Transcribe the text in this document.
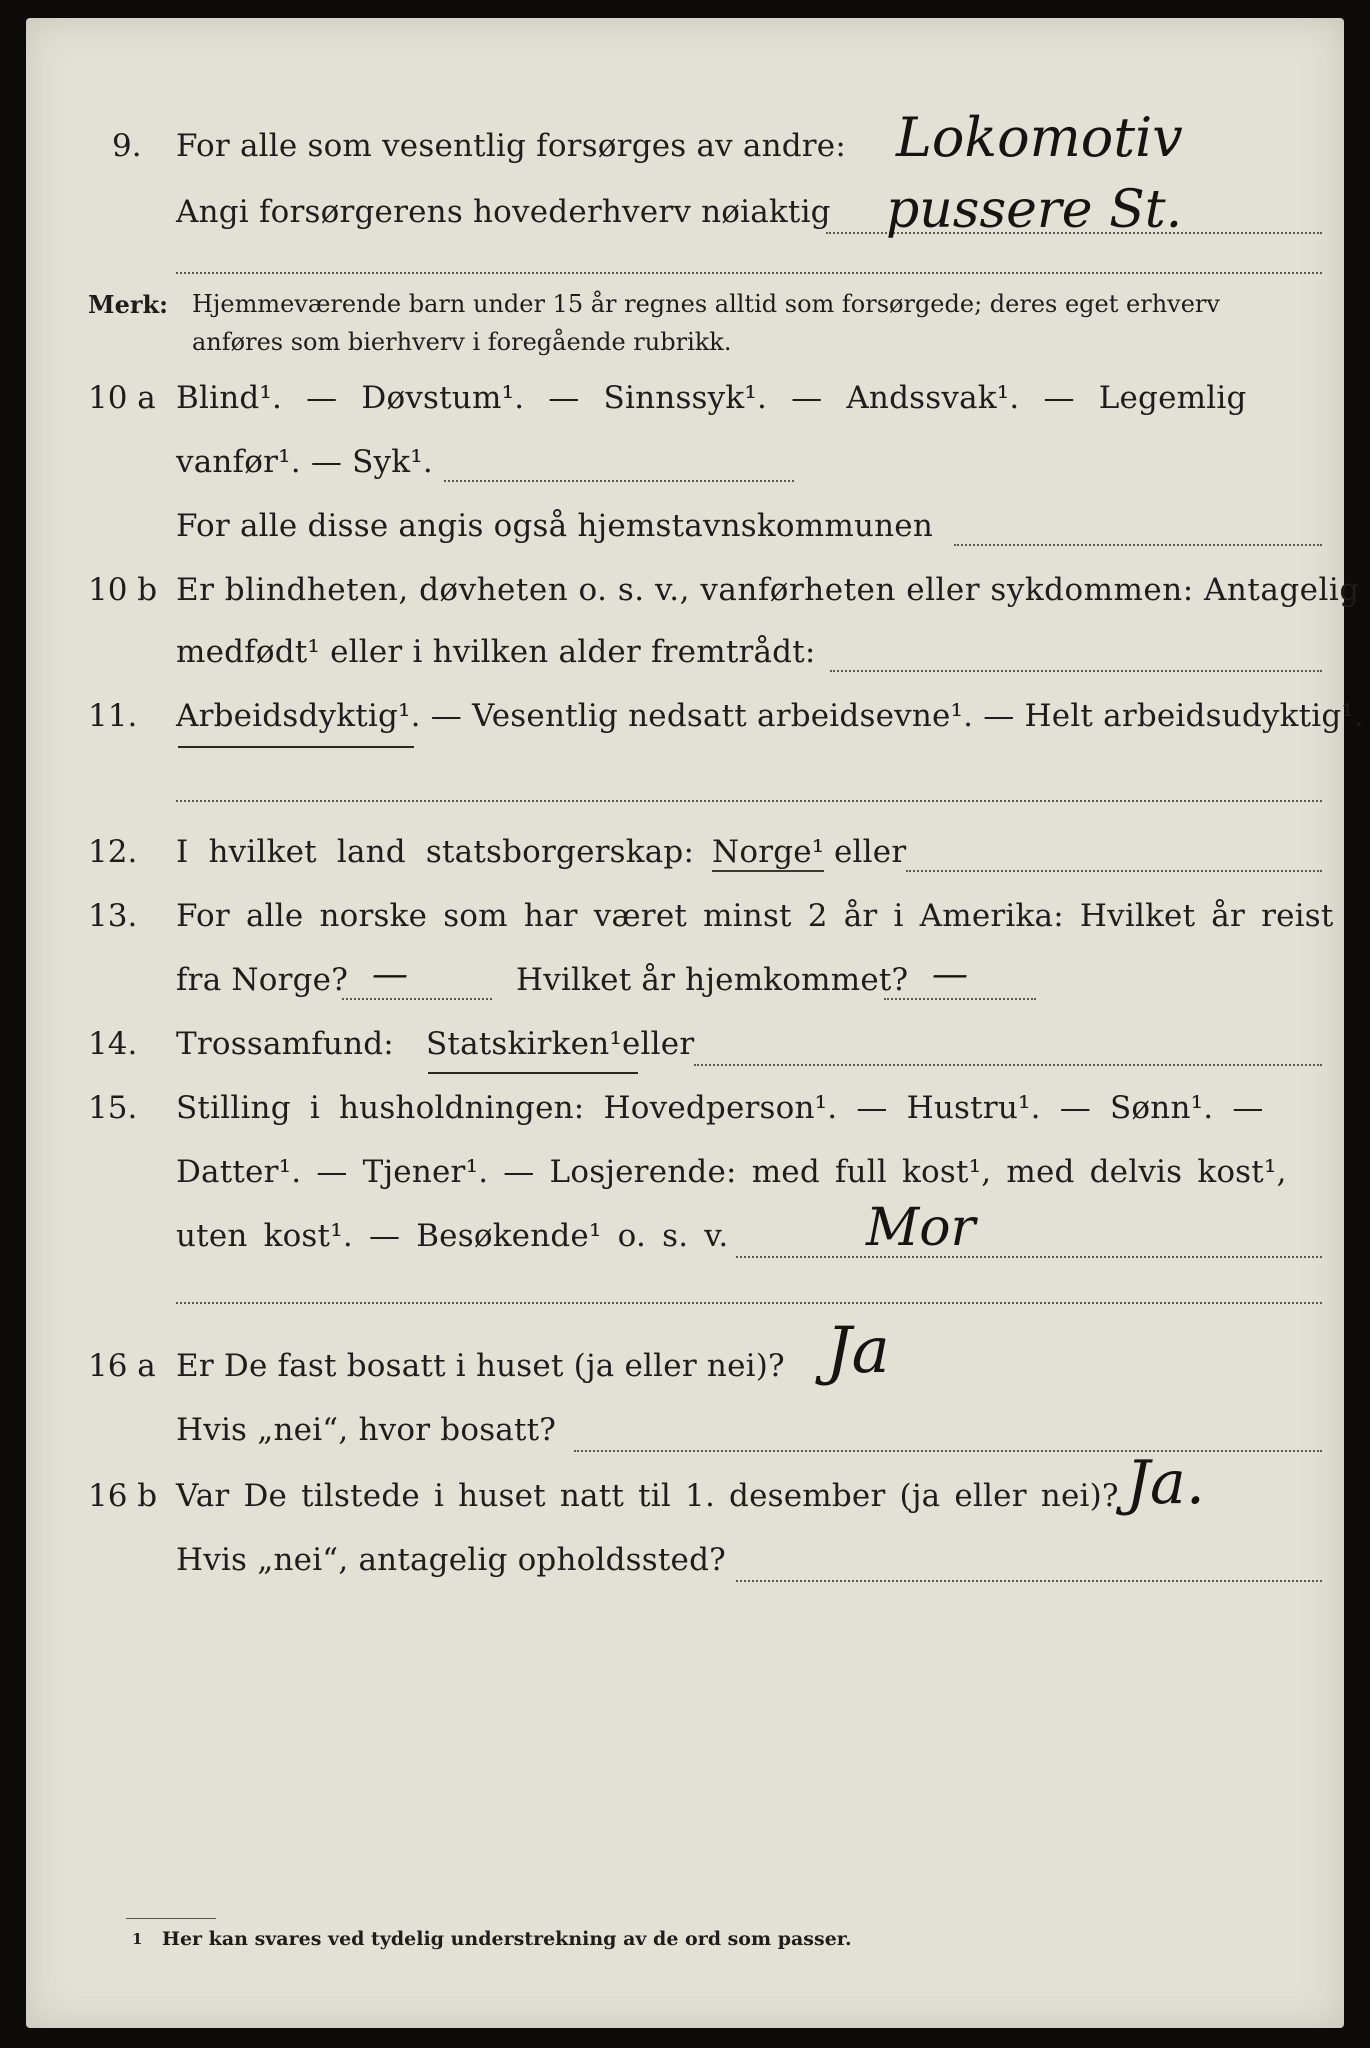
9. For alle som vesentlig forsørges av andre: Lokomotiv
Angi forsørgerens hovederhverv nøiaktig pussere St.
Merk: Hjemmeværende barn under 15 år regnes alltid som forsørgede; deres eget erhverv
anføres som bierhverv i foregående rubrikk.
10 a Blind¹. — Døvstum¹. — Sinnssyk¹. — Andssvak¹. — Legemlig
vanfør¹. — Syk¹.
For alle disse angis også hjemstavnskommunen
10 b Er blindheten, døvheten o. s. v., vanførheten eller sykdommen: Antagelig
medfødt¹ eller i hvilken alder fremtrådt:
11. Arbeidsdyktig¹. — Vesentlig nedsatt arbeidsevne¹. — Helt arbeidsudyktig¹.
12. I hvilket land statsborgerskap: Norge¹ eller
13. For alle norske som har været minst 2 år i Amerika: Hvilket år reist
fra Norge? —	Hvilket år hjemkommet? —
14. Trossamfund: Statskirken¹ eller
15. Stilling i husholdningen: Hovedperson¹. — Hustru¹. — Sønn¹. —
Datter¹. — Tjener¹. — Losjerende: med full kost¹, med delvis kost¹,
uten kost¹. — Besøkende¹ o. s. v.	Mor
16 a Er De fast bosatt i huset (ja eller nei)? Ja
Hvis „nei“, hvor bosatt?
16 b Var De tilstede i huset natt til 1. desember (ja eller nei)? Ja.
Hvis „nei“, antagelig opholdssted?
1 Her kan svares ved tydelig understrekning av de ord som passer.
